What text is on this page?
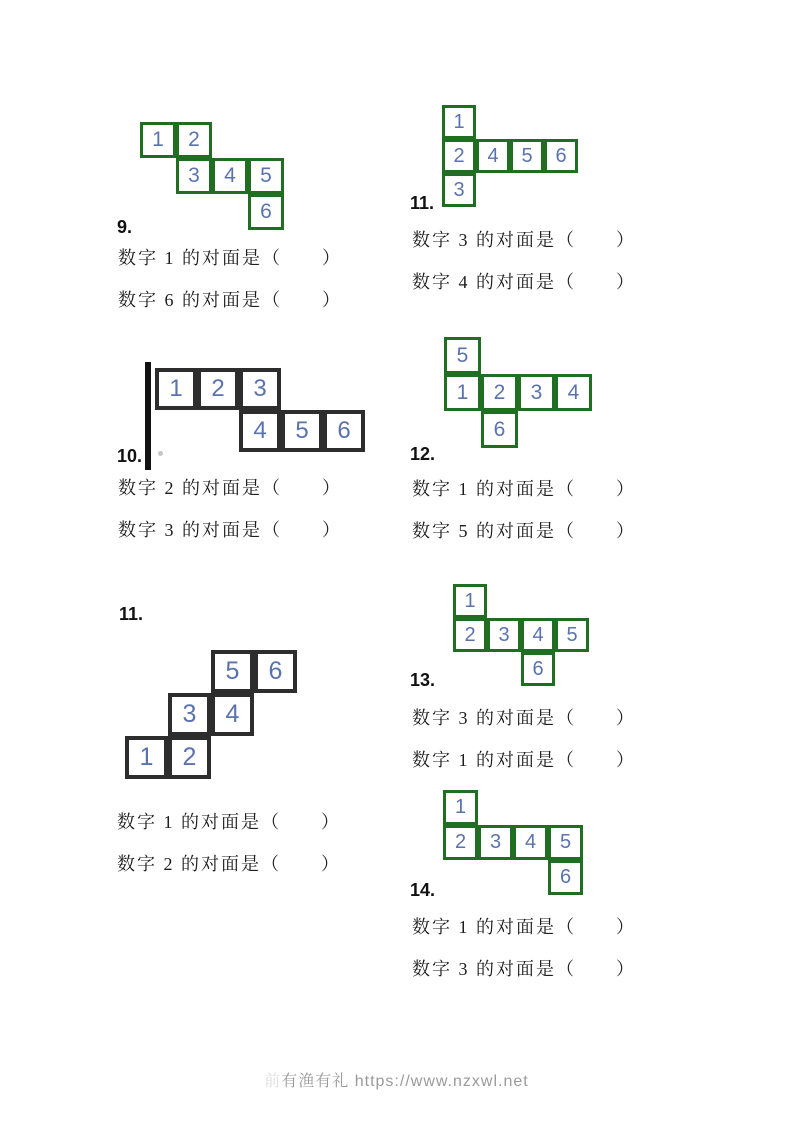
1 2
3 4 5
6
9.

数字 1 的对面是（　　）

数字 6 的对面是（　　）

1
2 4 5 6
3
11.

数字 3 的对面是（　　）

数字 4 的对面是（　　）

1 2 3
4 5 6
10.

数字 2 的对面是（　　）

数字 3 的对面是（　　）

5
1 2 3 4
6
12.

数字 1 的对面是（　　）

数字 5 的对面是（　　）

11.
5 6
3 4
1 2

数字 1 的对面是（　　）

数字 2 的对面是（　　）

1
2 3 4 5
6
13.

数字 3 的对面是（　　）

数字 1 的对面是（　　）

1
2 3 4 5
6
14.

数字 1 的对面是（　　）

数字 3 的对面是（　　）

前有渔有礼 https://www.nzxwl.net
